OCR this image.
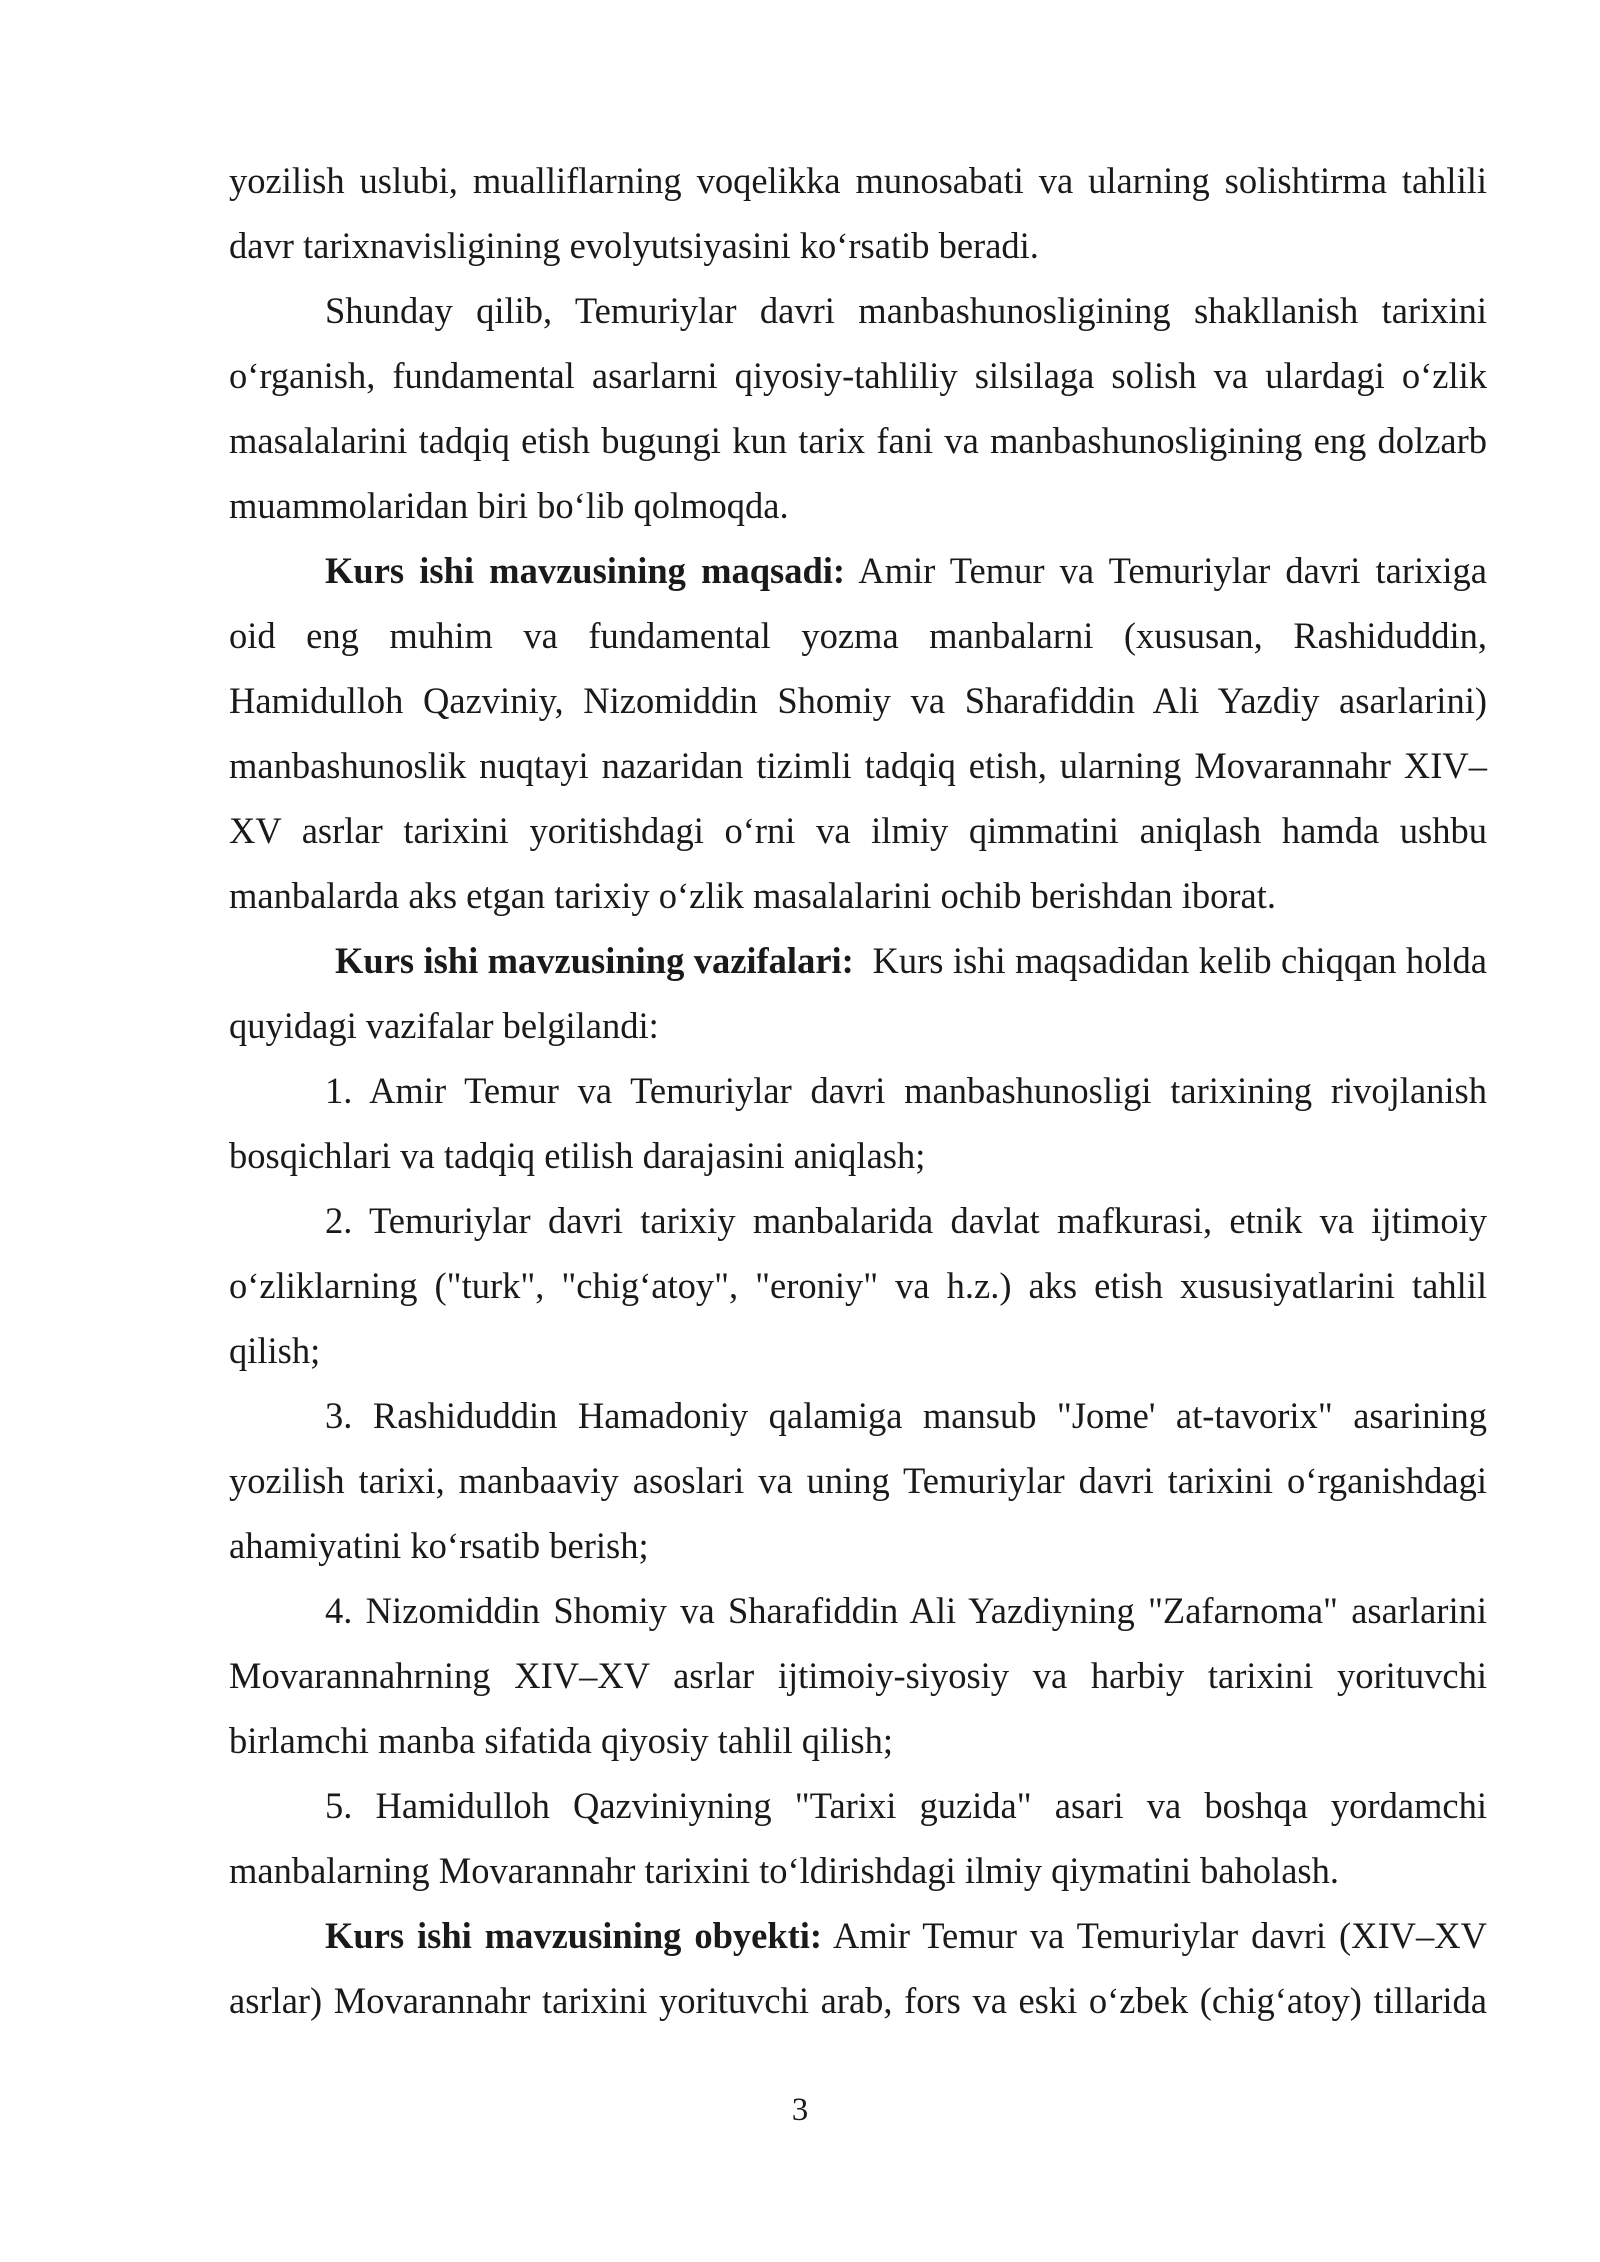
yozilish uslubi, mualliflarning voqelikka munosabati va ularning solishtirma tahlili davr tarixnavisligining evolyutsiyasini ko‘rsatib beradi.

Shunday qilib, Temuriylar davri manbashunosligining shakllanish tarixini o‘rganish, fundamental asarlarni qiyosiy-tahliliy silsilaga solish va ulardagi o‘zlik masalalarini tadqiq etish bugungi kun tarix fani va manbashunosligining eng dolzarb muammolaridan biri bo‘lib qolmoqda.

Kurs ishi mavzusining maqsadi: Amir Temur va Temuriylar davri tarixiga oid eng muhim va fundamental yozma manbalarni (xususan, Rashiduddin, Hamidulloh Qazviniy, Nizomiddin Shomiy va Sharafiddin Ali Yazdiy asarlarini) manbashunoslik nuqtayi nazaridan tizimli tadqiq etish, ularning Movarannahr XIV–XV asrlar tarixini yoritishdagi o‘rni va ilmiy qimmatini aniqlash hamda ushbu manbalarda aks etgan tarixiy o‘zlik masalalarini ochib berishdan iborat.

Kurs ishi mavzusining vazifalari:  Kurs ishi maqsadidan kelib chiqqan holda quyidagi vazifalar belgilandi:

1. Amir Temur va Temuriylar davri manbashunosligi tarixining rivojlanish bosqichlari va tadqiq etilish darajasini aniqlash;

2. Temuriylar davri tarixiy manbalarida davlat mafkurasi, etnik va ijtimoiy o‘zliklarning ("turk", "chig‘atoy", "eroniy" va h.z.) aks etish xususiyatlarini tahlil qilish;

3. Rashiduddin Hamadoniy qalamiga mansub "Jome' at-tavorix" asarining yozilish tarixi, manbaaviy asoslari va uning Temuriylar davri tarixini o‘rganishdagi ahamiyatini ko‘rsatib berish;

4. Nizomiddin Shomiy va Sharafiddin Ali Yazdiyning "Zafarnoma" asarlarini Movarannahrning XIV–XV asrlar ijtimoiy-siyosiy va harbiy tarixini yorituvchi birlamchi manba sifatida qiyosiy tahlil qilish;

5. Hamidulloh Qazviniyning "Tarixi guzida" asari va boshqa yordamchi manbalarning Movarannahr tarixini to‘ldirishdagi ilmiy qiymatini baholash.

Kurs ishi mavzusining obyekti: Amir Temur va Temuriylar davri (XIV–XV asrlar) Movarannahr tarixini yorituvchi arab, fors va eski o‘zbek (chig‘atoy) tillarida

3
